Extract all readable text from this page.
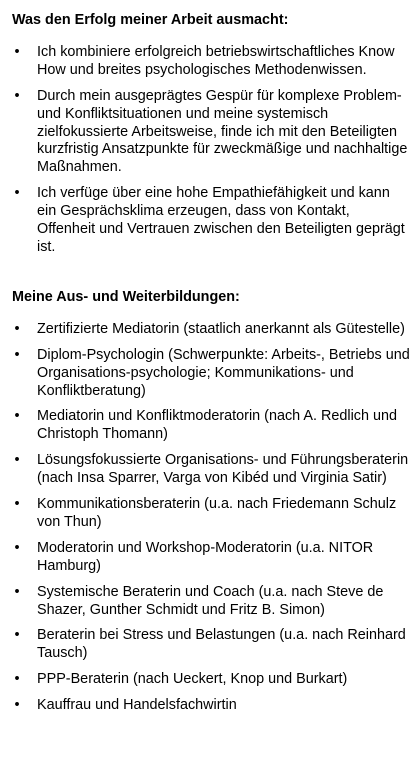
Was den Erfolg meiner Arbeit ausmacht:
• Ich kombiniere erfolgreich betriebswirtschaftliches Know How und breites psychologisches Methodenwissen.
• Durch mein ausgeprägtes Gespür für komplexe Problem- und Konfliktsituationen und meine systemisch zielfokussierte Arbeitsweise, finde ich mit den Beteiligten kurzfristig Ansatzpunkte für zweckmäßige und nachhaltige Maßnahmen.
• Ich verfüge über eine hohe Empathiefähigkeit und kann ein Gesprächsklima erzeugen, dass von Kontakt, Offenheit und Vertrauen zwischen den Beteiligten geprägt ist.
Meine Aus- und Weiterbildungen:
• Zertifizierte Mediatorin (staatlich anerkannt als Gütestelle)
• Diplom-Psychologin (Schwerpunkte: Arbeits-, Betriebs und Organisations-psychologie; Kommunikations- und Konfliktberatung)
• Mediatorin und Konfliktmoderatorin (nach A. Redlich und Christoph Thomann)
• Lösungsfokussierte Organisations- und Führungsberaterin (nach Insa Sparrer, Varga von Kibéd und Virginia Satir)
• Kommunikationsberaterin (u.a. nach Friedemann Schulz von Thun)
• Moderatorin und Workshop-Moderatorin (u.a. NITOR Hamburg)
• Systemische Beraterin und Coach (u.a. nach Steve de Shazer, Gunther Schmidt und Fritz B. Simon)
• Beraterin bei Stress und Belastungen (u.a. nach Reinhard Tausch)
• PPP-Beraterin (nach Ueckert, Knop und Burkart)
• Kauffrau und Handelsfachwirtin
